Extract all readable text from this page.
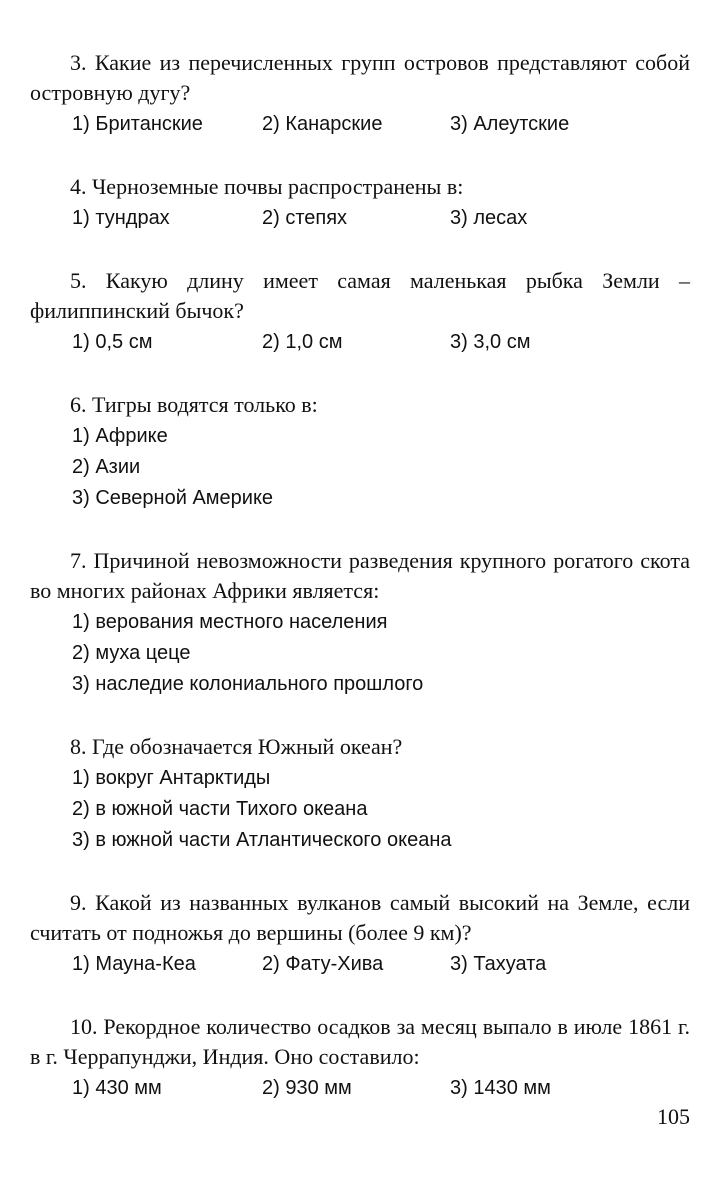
3. Какие из перечисленных групп островов представляют собой островную дугу?

1) Британские	2) Канарские	3) Алеутские

4. Черноземные почвы распространены в:

1) тундрах	2) степях	3) лесах

5. Какую длину имеет самая маленькая рыбка Земли – филиппинский бычок?

1) 0,5 см	2) 1,0 см	3) 3,0 см

6. Тигры водятся только в:

1) Африке
2) Азии
3) Северной Америке

7. Причиной невозможности разведения крупного рогатого скота во многих районах Африки является:

1) верования местного населения
2) муха цеце
3) наследие колониального прошлого

8. Где обозначается Южный океан?

1) вокруг Антарктиды
2) в южной части Тихого океана
3) в южной части Атлантического океана

9. Какой из названных вулканов самый высокий на Земле, если считать от подножья до вершины (более 9 км)?

1) Мауна-Кеа	2) Фату-Хива	3) Тахуата

10. Рекордное количество осадков за месяц выпало в июле 1861 г. в г. Черрапунджи, Индия. Оно составило:

1) 430 мм	2) 930 мм	3) 1430 мм
105
